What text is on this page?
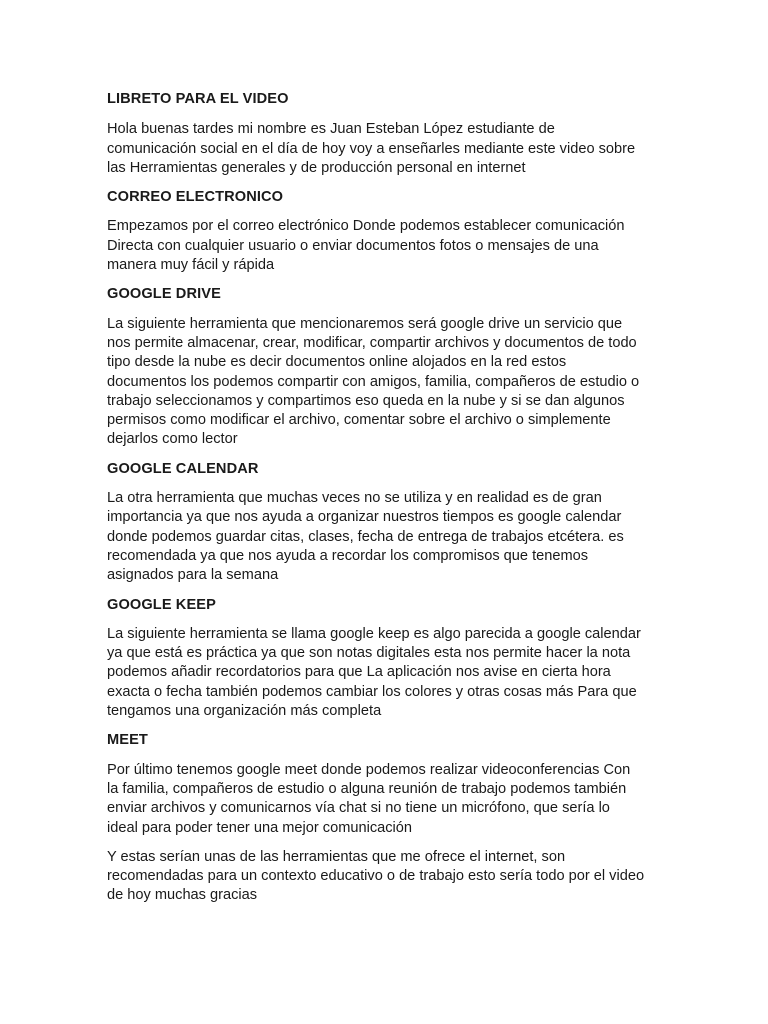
LIBRETO PARA EL VIDEO
Hola buenas tardes mi nombre es Juan Esteban López estudiante de
comunicación social en el día de hoy voy a enseñarles mediante este video sobre
las Herramientas generales y de producción personal en internet
CORREO ELECTRONICO
Empezamos por el correo electrónico Donde podemos establecer comunicación
Directa con cualquier usuario o enviar documentos fotos o mensajes de una
manera muy fácil y rápida
GOOGLE DRIVE
La siguiente herramienta que mencionaremos será google drive un servicio que
nos permite almacenar, crear, modificar, compartir archivos y documentos de todo
tipo desde la nube es decir documentos online alojados en la red estos
documentos los podemos compartir con amigos, familia, compañeros de estudio o
trabajo seleccionamos y compartimos eso queda en la nube y si se dan algunos
permisos como modificar el archivo, comentar sobre el archivo o simplemente
dejarlos como lector
GOOGLE CALENDAR
La otra herramienta que muchas veces no se utiliza y en realidad es de gran
importancia ya que nos ayuda a organizar nuestros tiempos es google calendar
donde podemos guardar citas, clases, fecha de entrega de trabajos etcétera. es
recomendada ya que nos ayuda a recordar los compromisos que tenemos
asignados para la semana
GOOGLE KEEP
La siguiente herramienta se llama google keep es algo parecida a google calendar
ya que está es práctica ya que son notas digitales esta nos permite hacer la nota
podemos añadir recordatorios para que La aplicación nos avise en cierta hora
exacta o fecha también podemos cambiar los colores y otras cosas más Para que
tengamos una organización más completa
MEET
Por último tenemos google meet donde podemos realizar videoconferencias Con
la familia, compañeros de estudio o alguna reunión de trabajo podemos también
enviar archivos y comunicarnos vía chat si no tiene un micrófono, que sería lo
ideal para poder tener una mejor comunicación
Y estas serían unas de las herramientas que me ofrece el internet, son
recomendadas para un contexto educativo o de trabajo esto sería todo por el video
de hoy muchas gracias
